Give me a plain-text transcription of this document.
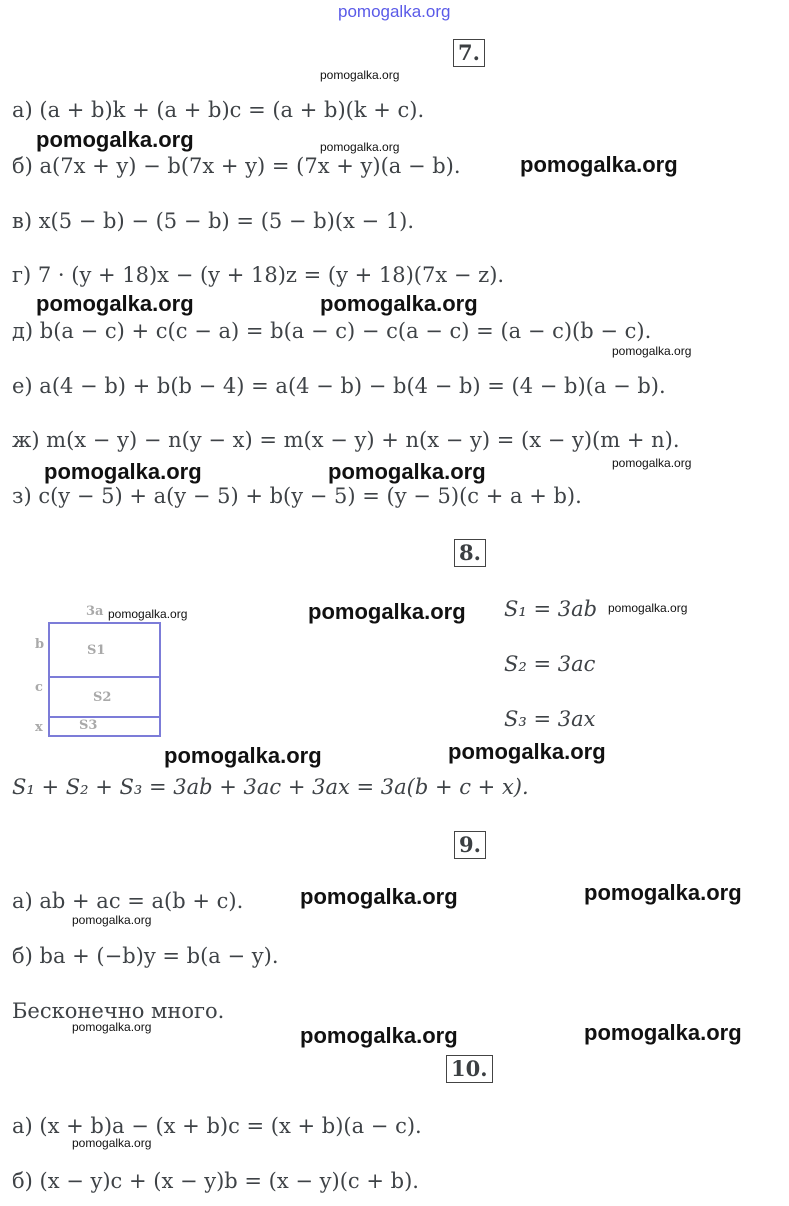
pomogalka.org
7.
pomogalka.org
а) (a + b)k + (a + b)c = (a + b)(k + c).
pomogalka.org	pomogalka.org
б) a(7x + y) − b(7x + y) = (7x + y)(a − b).	pomogalka.org
в) x(5 − b) − (5 − b) = (5 − b)(x − 1).
г) 7 · (y + 18)x − (y + 18)z = (y + 18)(7x − z).
pomogalka.org	pomogalka.org
д) b(a − c) + c(c − a) = b(a − c) − c(a − c) = (a − c)(b − c).
pomogalka.org
е) a(4 − b) + b(b − 4) = a(4 − b) − b(4 − b) = (4 − b)(a − b).
ж) m(x − y) − n(y − x) = m(x − y) + n(x − y) = (x − y)(m + n).
pomogalka.org	pomogalka.org	pomogalka.org
з) c(y − 5) + a(y − 5) + b(y − 5) = (y − 5)(c + a + b).
8.
3a pomogalka.org
b
c
x
S1
S2
S3
pomogalka.org S₁ = 3ab pomogalka.org
S₂ = 3ac
S₃ = 3ax
pomogalka.org	pomogalka.org
S₁ + S₂ + S₃ = 3ab + 3ac + 3ax = 3a(b + c + x).
9.
а) ab + ac = a(b + c).	pomogalka.org	pomogalka.org
pomogalka.org
б) ba + (−b)y = b(a − y).
Бесконечно много.
pomogalka.org	pomogalka.org	pomogalka.org
10.
а) (x + b)a − (x + b)c = (x + b)(a − c).
pomogalka.org
б) (x − y)c + (x − y)b = (x − y)(c + b).
